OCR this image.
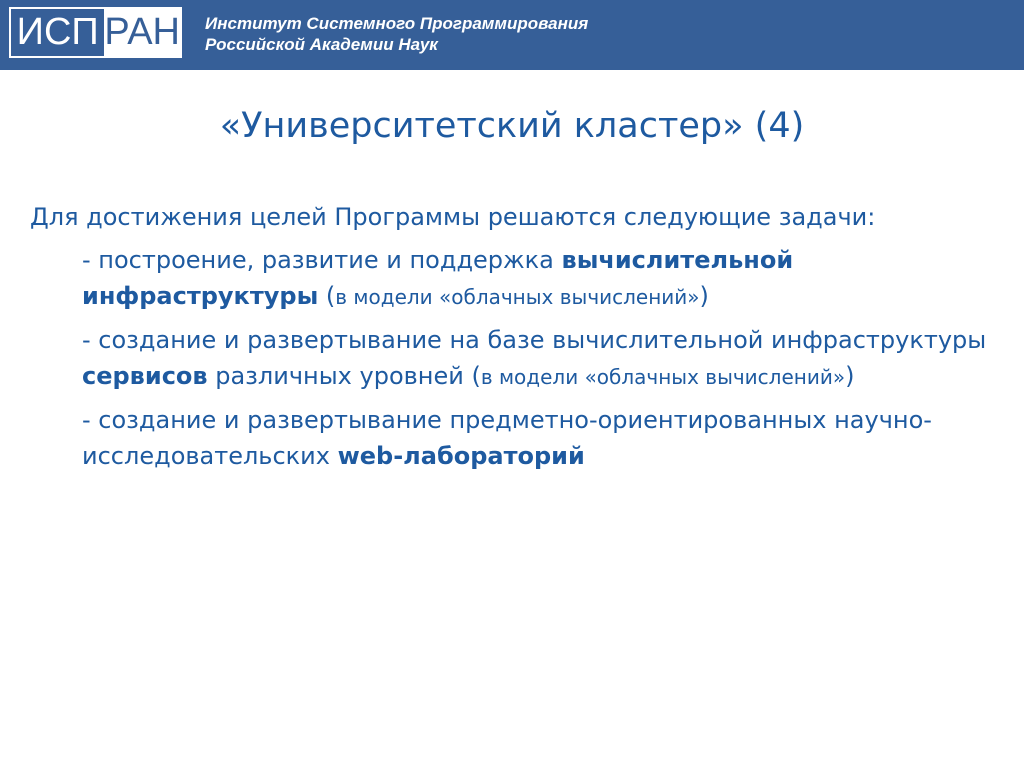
ИСП РАН Институт Системного Программирования
Российской Академии Наук
«Университетский кластер» (4)

Для достижения целей Программы решаются следующие задачи:

- построение, развитие и поддержка вычислительной инфраструктуры (в модели «облачных вычислений»)
- создание и развертывание на базе вычислительной инфраструктуры сервисов различных уровней (в модели «облачных вычислений»)
- создание и развертывание предметно-ориентированных научно-исследовательских web-лабораторий
